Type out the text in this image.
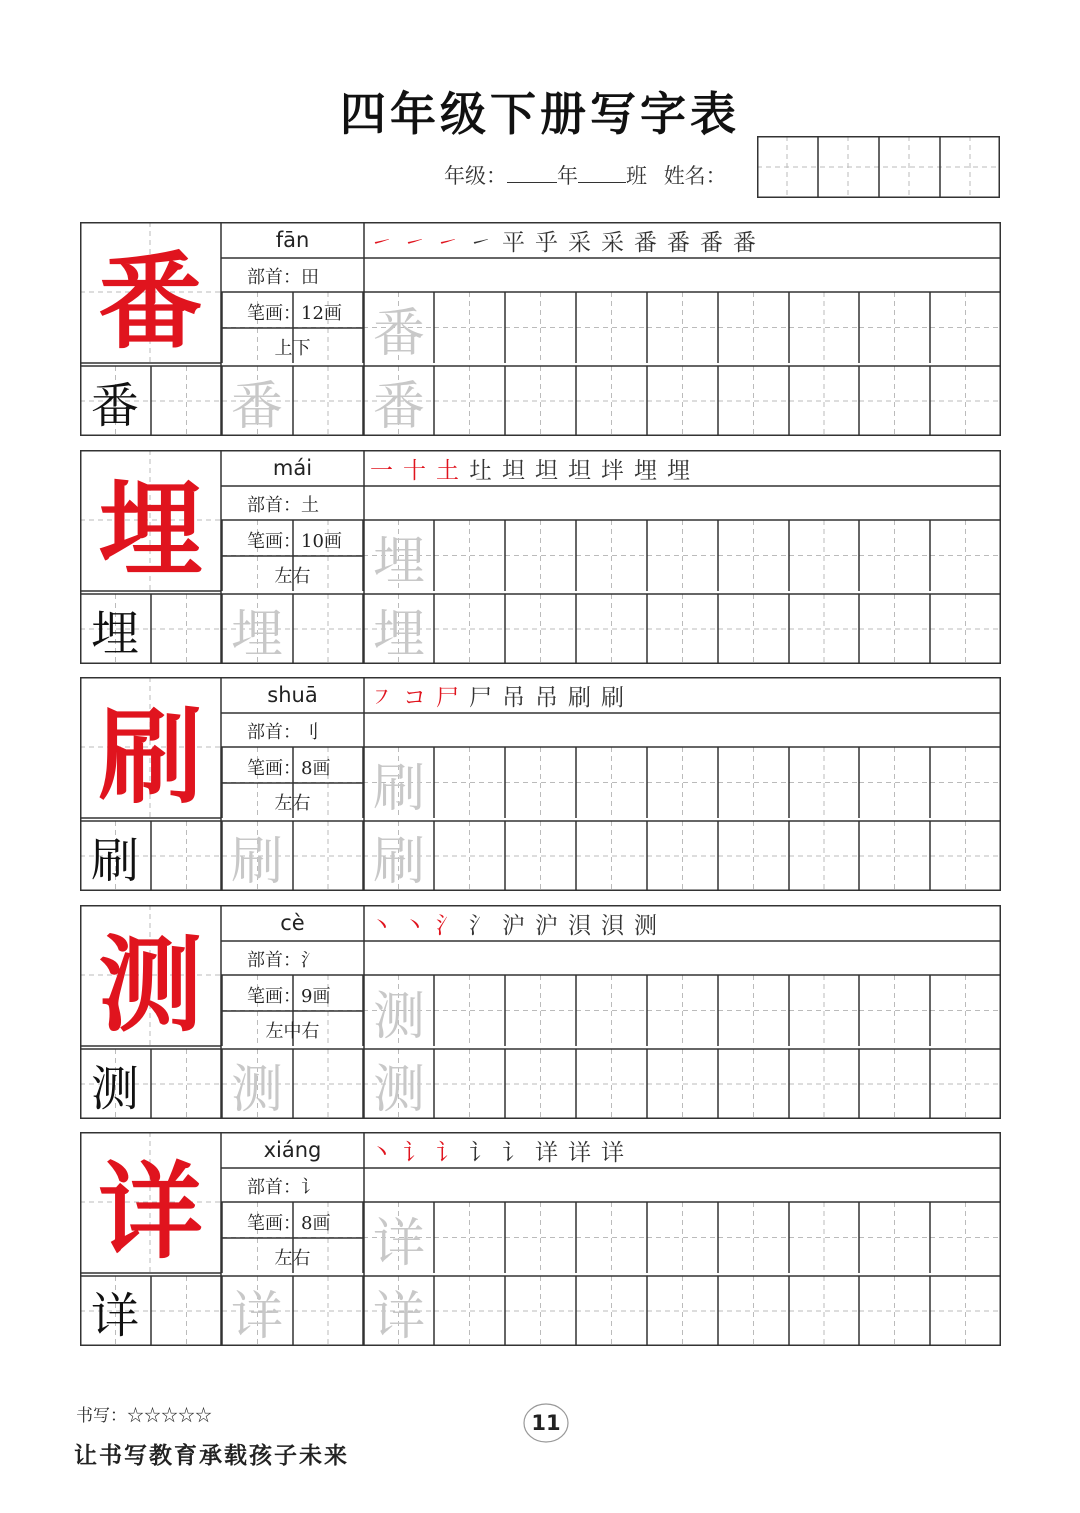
四年级下册写字表
年级： 年 班 姓名：
番	fān
部首：田
笔画：12画
上下
㇀ ㇀ ㇀ ㇀ 平 乎 采 采 番 番 番 番
番 番 番
番
埋	mái
部首：土
笔画：10画
左右
一 十 土 圵 坦 坦 坦 坢 埋 埋
埋 埋 埋
埋
刷	shuā
部首：刂
笔画：8画
左右
㇇ コ 尸 尸 吊 吊 刷 刷
刷 刷 刷
刷
测	cè
部首：氵
笔画：9画
左中右
丶 丶 氵 氵 沪 沪 浿 浿 测
测 测 测
测
详	xiáng
部首：讠
笔画：8画
左右
丶 讠 讠 讠 讠 详 详 详
详 详 详
详
书写：☆☆☆☆☆
让书写教育承载孩子未来
11
